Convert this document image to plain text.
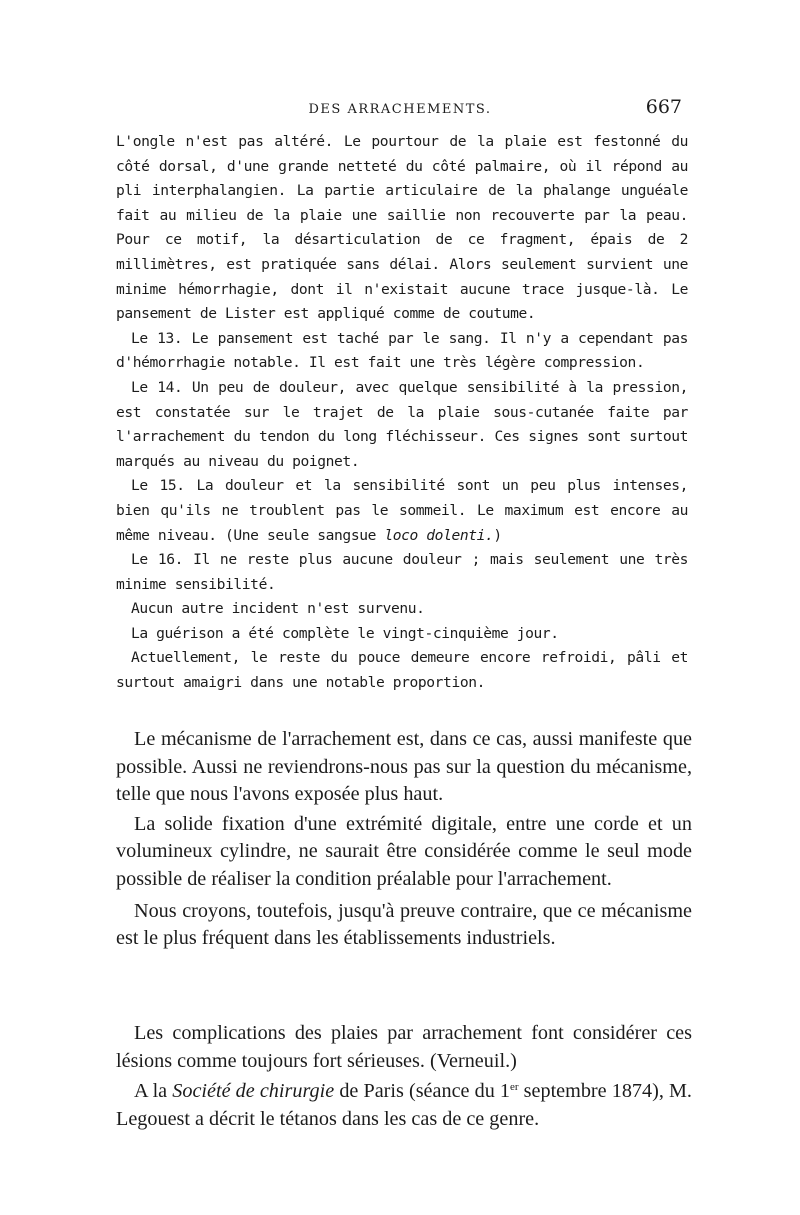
DES ARRACHEMENTS.	667

L'ongle n'est pas altéré. Le pourtour de la plaie est festonné du côté dorsal, d'une grande netteté du côté palmaire, où il répond au pli interphalangien. La partie articulaire de la phalange unguéale fait au milieu de la plaie une saillie non recouverte par la peau. Pour ce motif, la désarticulation de ce fragment, épais de 2 millimètres, est pratiquée sans délai. Alors seulement survient une minime hémorrhagie, dont il n'existait aucune trace jusque-là. Le pansement de Lister est appliqué comme de coutume.

Le 13. Le pansement est taché par le sang. Il n'y a cependant pas d'hémorrhagie notable. Il est fait une très légère compression.

Le 14. Un peu de douleur, avec quelque sensibilité à la pression, est constatée sur le trajet de la plaie sous-cutanée faite par l'arrachement du tendon du long fléchisseur. Ces signes sont surtout marqués au niveau du poignet.

Le 15. La douleur et la sensibilité sont un peu plus intenses, bien qu'ils ne troublent pas le sommeil. Le maximum est encore au même niveau. (Une seule sangsue loco dolenti.)

Le 16. Il ne reste plus aucune douleur ; mais seulement une très minime sensibilité.

Aucun autre incident n'est survenu.

La guérison a été complète le vingt-cinquième jour.

Actuellement, le reste du pouce demeure encore refroidi, pâli et surtout amaigri dans une notable proportion.

Le mécanisme de l'arrachement est, dans ce cas, aussi manifeste que possible. Aussi ne reviendrons-nous pas sur la question du mécanisme, telle que nous l'avons exposée plus haut.

La solide fixation d'une extrémité digitale, entre une corde et un volumineux cylindre, ne saurait être considérée comme le seul mode possible de réaliser la condition préalable pour l'arrachement.

Nous croyons, toutefois, jusqu'à preuve contraire, que ce mécanisme est le plus fréquent dans les établissements industriels.

Les complications des plaies par arrachement font considérer ces lésions comme toujours fort sérieuses. (Verneuil.)

A la Société de chirurgie de Paris (séance du 1er septembre 1874), M. Legouest a décrit le tétanos dans les cas de ce genre.
